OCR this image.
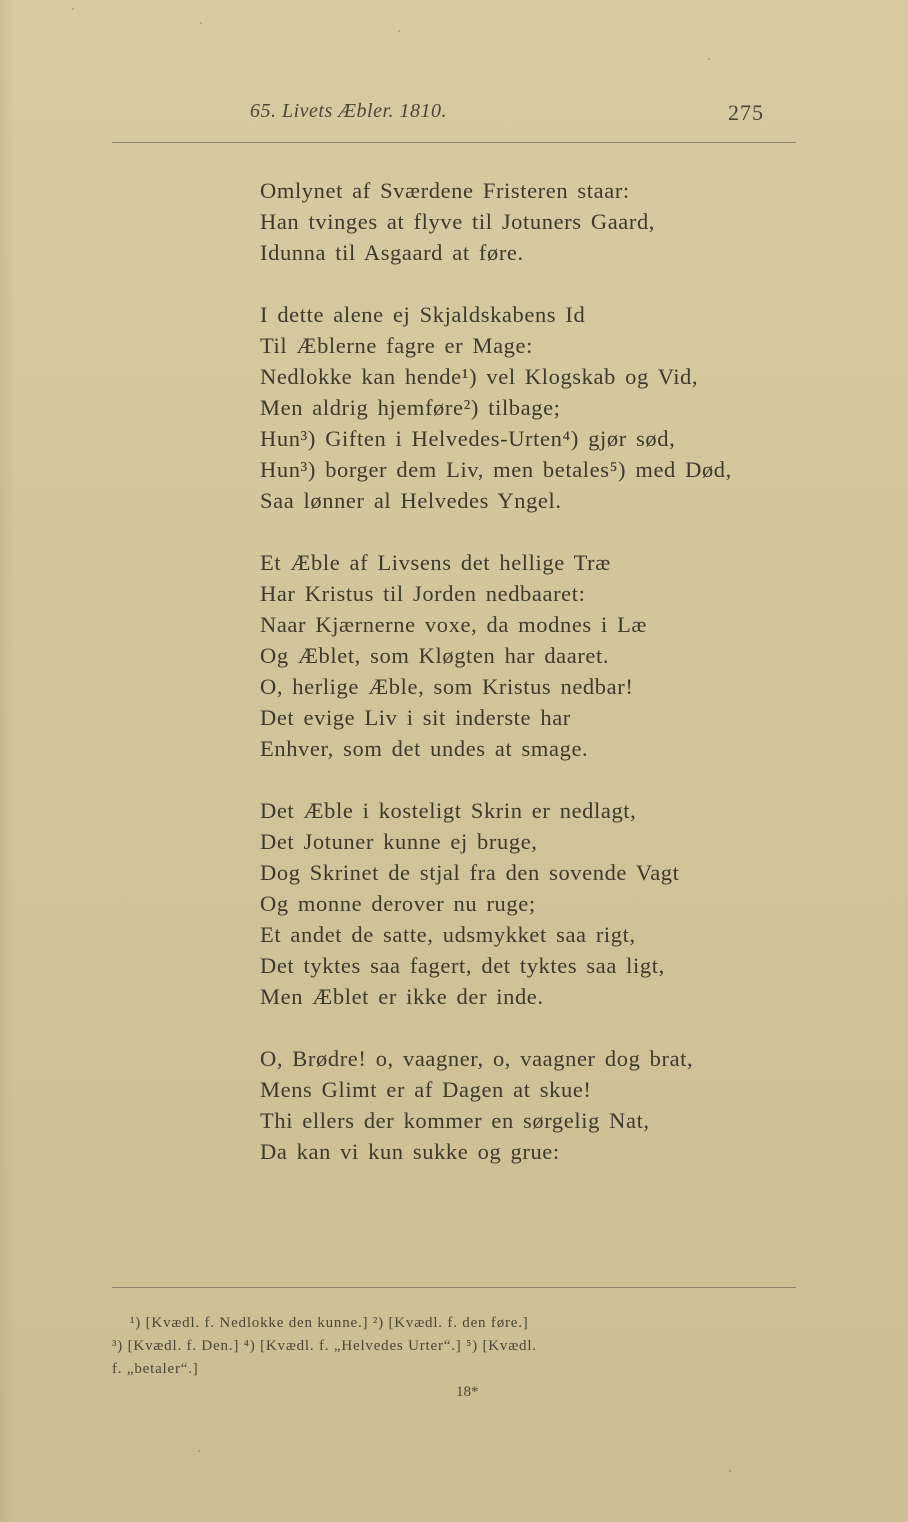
65. Livets Æbler. 1810.	275
Omlynet af Sværdene Fristeren staar:
Han tvinges at flyve til Jotuners Gaard,
Idunna til Asgaard at føre.
I dette alene ej Skjaldskabens Id
Til Æblerne fagre er Mage:
Nedlokke kan hende¹) vel Klogskab og Vid,
Men aldrig hjemføre²) tilbage;
Hun³) Giften i Helvedes-Urten⁴) gjør sød,
Hun³) borger dem Liv, men betales⁵) med Død,
Saa lønner al Helvedes Yngel.
Et Æble af Livsens det hellige Træ
Har Kristus til Jorden nedbaaret:
Naar Kjærnerne voxe, da modnes i Læ
Og Æblet, som Kløgten har daaret.
O, herlige Æble, som Kristus nedbar!
Det evige Liv i sit inderste har
Enhver, som det undes at smage.
Det Æble i kosteligt Skrin er nedlagt,
Det Jotuner kunne ej bruge,
Dog Skrinet de stjal fra den sovende Vagt
Og monne derover nu ruge;
Et andet de satte, udsmykket saa rigt,
Det tyktes saa fagert, det tyktes saa ligt,
Men Æblet er ikke der inde.
O, Brødre! o, vaagner, o, vaagner dog brat,
Mens Glimt er af Dagen at skue!
Thi ellers der kommer en sørgelig Nat,
Da kan vi kun sukke og grue:
¹) [Kvædl. f. Nedlokke den kunne.] ²) [Kvædl. f. den føre.]
³) [Kvædl. f. Den.] ⁴) [Kvædl. f. „Helvedes Urter“.] ⁵) [Kvædl.
f. „betaler“.]
18*
